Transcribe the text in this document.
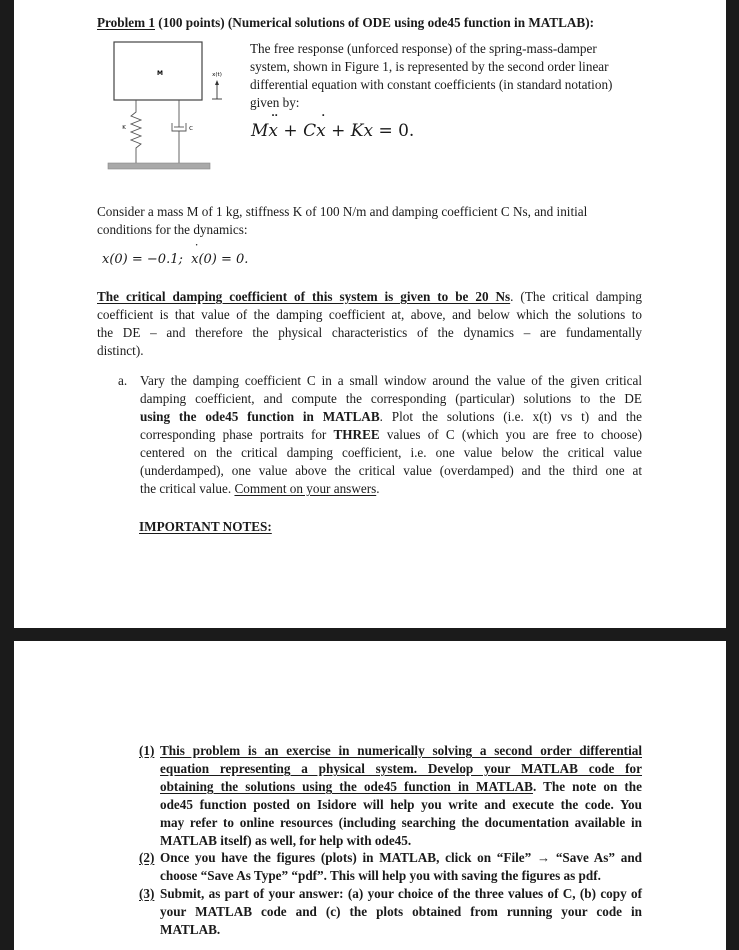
Problem 1 (100 points) (Numerical solutions of ODE using ode45 function in MATLAB):
M	x(t)
K	C
The free response (unforced response) of the spring-mass-damper
system, shown in Figure 1, is represented by the second order linear
differential equation with constant coefficients (in standard notation)
given by:
Mx ¨ + Cx ˙ + Kx = 0.
Consider a mass M of 1 kg, stiffness K of 100 N/m and damping coefficient C Ns, and initial
conditions for the dynamics:
x(0) = −0.1; x ˙(0) = 0.
The critical damping coefficient of this system is given to be 20 Ns. (The critical damping
coefficient is that value of the damping coefficient at, above, and below which the solutions to
the DE – and therefore the physical characteristics of the dynamics – are fundamentally
distinct).
a. Vary the damping coefficient C in a small window around the value of the given critical
damping coefficient, and compute the corresponding (particular) solutions to the DE
using the ode45 function in MATLAB. Plot the solutions (i.e. x(t) vs t) and the
corresponding phase portraits for THREE values of C (which you are free to choose)
centered on the critical damping coefficient, i.e. one value below the critical value
(underdamped), one value above the critical value (overdamped) and the third one at
the critical value. Comment on your answers.
IMPORTANT NOTES:
(1) This problem is an exercise in numerically solving a second order differential
equation representing a physical system. Develop your MATLAB code for
obtaining the solutions using the ode45 function in MATLAB. The note on the
ode45 function posted on Isidore will help you write and execute the code. You
may refer to online resources (including searching the documentation available in
MATLAB itself) as well, for help with ode45.
(2) Once you have the figures (plots) in MATLAB, click on “File” → “Save As” and
choose “Save As Type” “pdf”. This will help you with saving the figures as pdf.
(3) Submit, as part of your answer: (a) your choice of the three values of C, (b) copy of
your MATLAB code and (c) the plots obtained from running your code in
MATLAB.
